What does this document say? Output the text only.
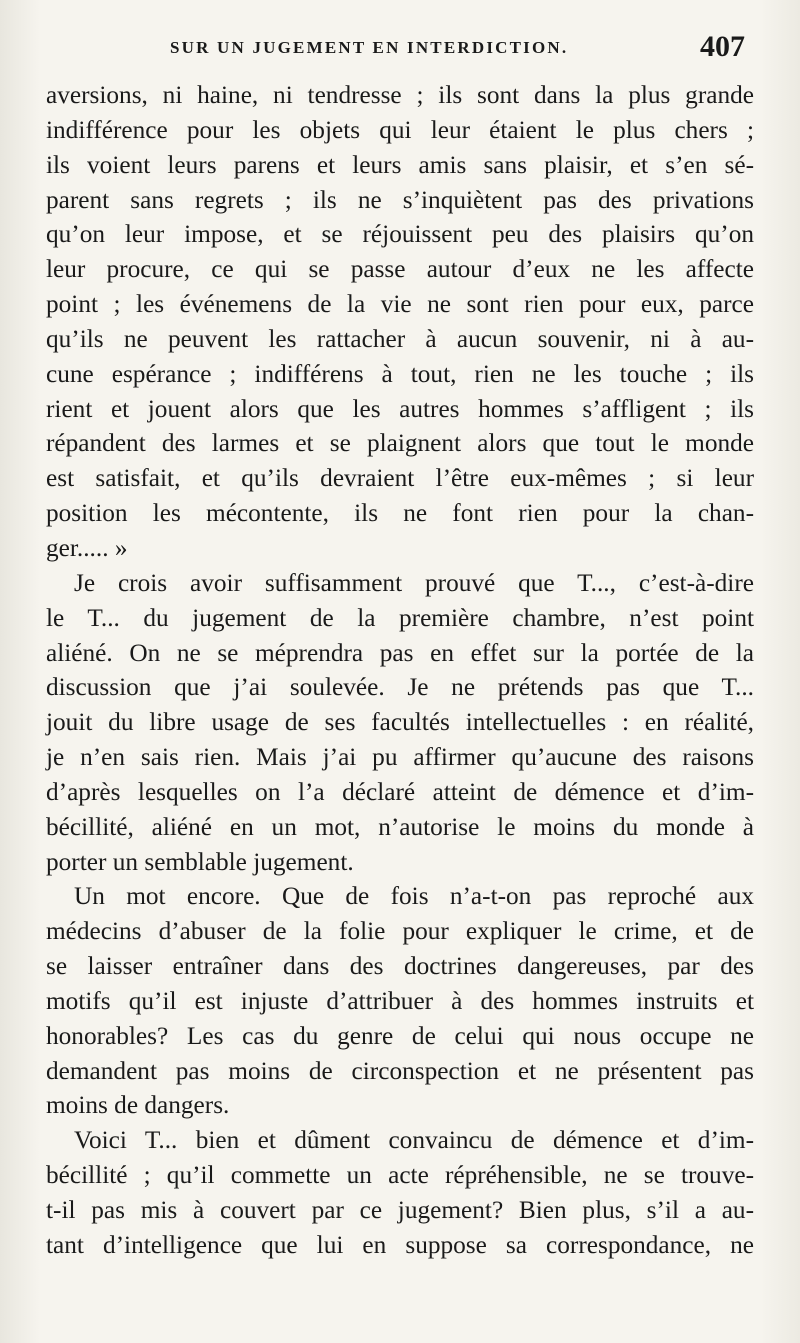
SUR UN JUGEMENT EN INTERDICTION.	407
aversions, ni haine, ni tendresse ; ils sont dans la plus grande
indifférence pour les objets qui leur étaient le plus chers ;
ils voient leurs parens et leurs amis sans plaisir, et s’en sé-
parent sans regrets ; ils ne s’inquiètent pas des privations
qu’on leur impose, et se réjouissent peu des plaisirs qu’on
leur procure, ce qui se passe autour d’eux ne les affecte
point ; les événemens de la vie ne sont rien pour eux, parce
qu’ils ne peuvent les rattacher à aucun souvenir, ni à au-
cune espérance ; indifférens à tout, rien ne les touche ; ils
rient et jouent alors que les autres hommes s’affligent ; ils
répandent des larmes et se plaignent alors que tout le monde
est satisfait, et qu’ils devraient l’être eux-mêmes ; si leur
position les mécontente, ils ne font rien pour la chan-
ger..... »
Je crois avoir suffisamment prouvé que T..., c’est-à-dire
le T... du jugement de la première chambre, n’est point
aliéné. On ne se méprendra pas en effet sur la portée de la
discussion que j’ai soulevée. Je ne prétends pas que T...
jouit du libre usage de ses facultés intellectuelles : en réalité,
je n’en sais rien. Mais j’ai pu affirmer qu’aucune des raisons
d’après lesquelles on l’a déclaré atteint de démence et d’im-
bécillité, aliéné en un mot, n’autorise le moins du monde à
porter un semblable jugement.
Un mot encore. Que de fois n’a-t-on pas reproché aux
médecins d’abuser de la folie pour expliquer le crime, et de
se laisser entraîner dans des doctrines dangereuses, par des
motifs qu’il est injuste d’attribuer à des hommes instruits et
honorables? Les cas du genre de celui qui nous occupe ne
demandent pas moins de circonspection et ne présentent pas
moins de dangers.
Voici T... bien et dûment convaincu de démence et d’im-
bécillité ; qu’il commette un acte répréhensible, ne se trouve-
t-il pas mis à couvert par ce jugement? Bien plus, s’il a au-
tant d’intelligence que lui en suppose sa correspondance, ne
